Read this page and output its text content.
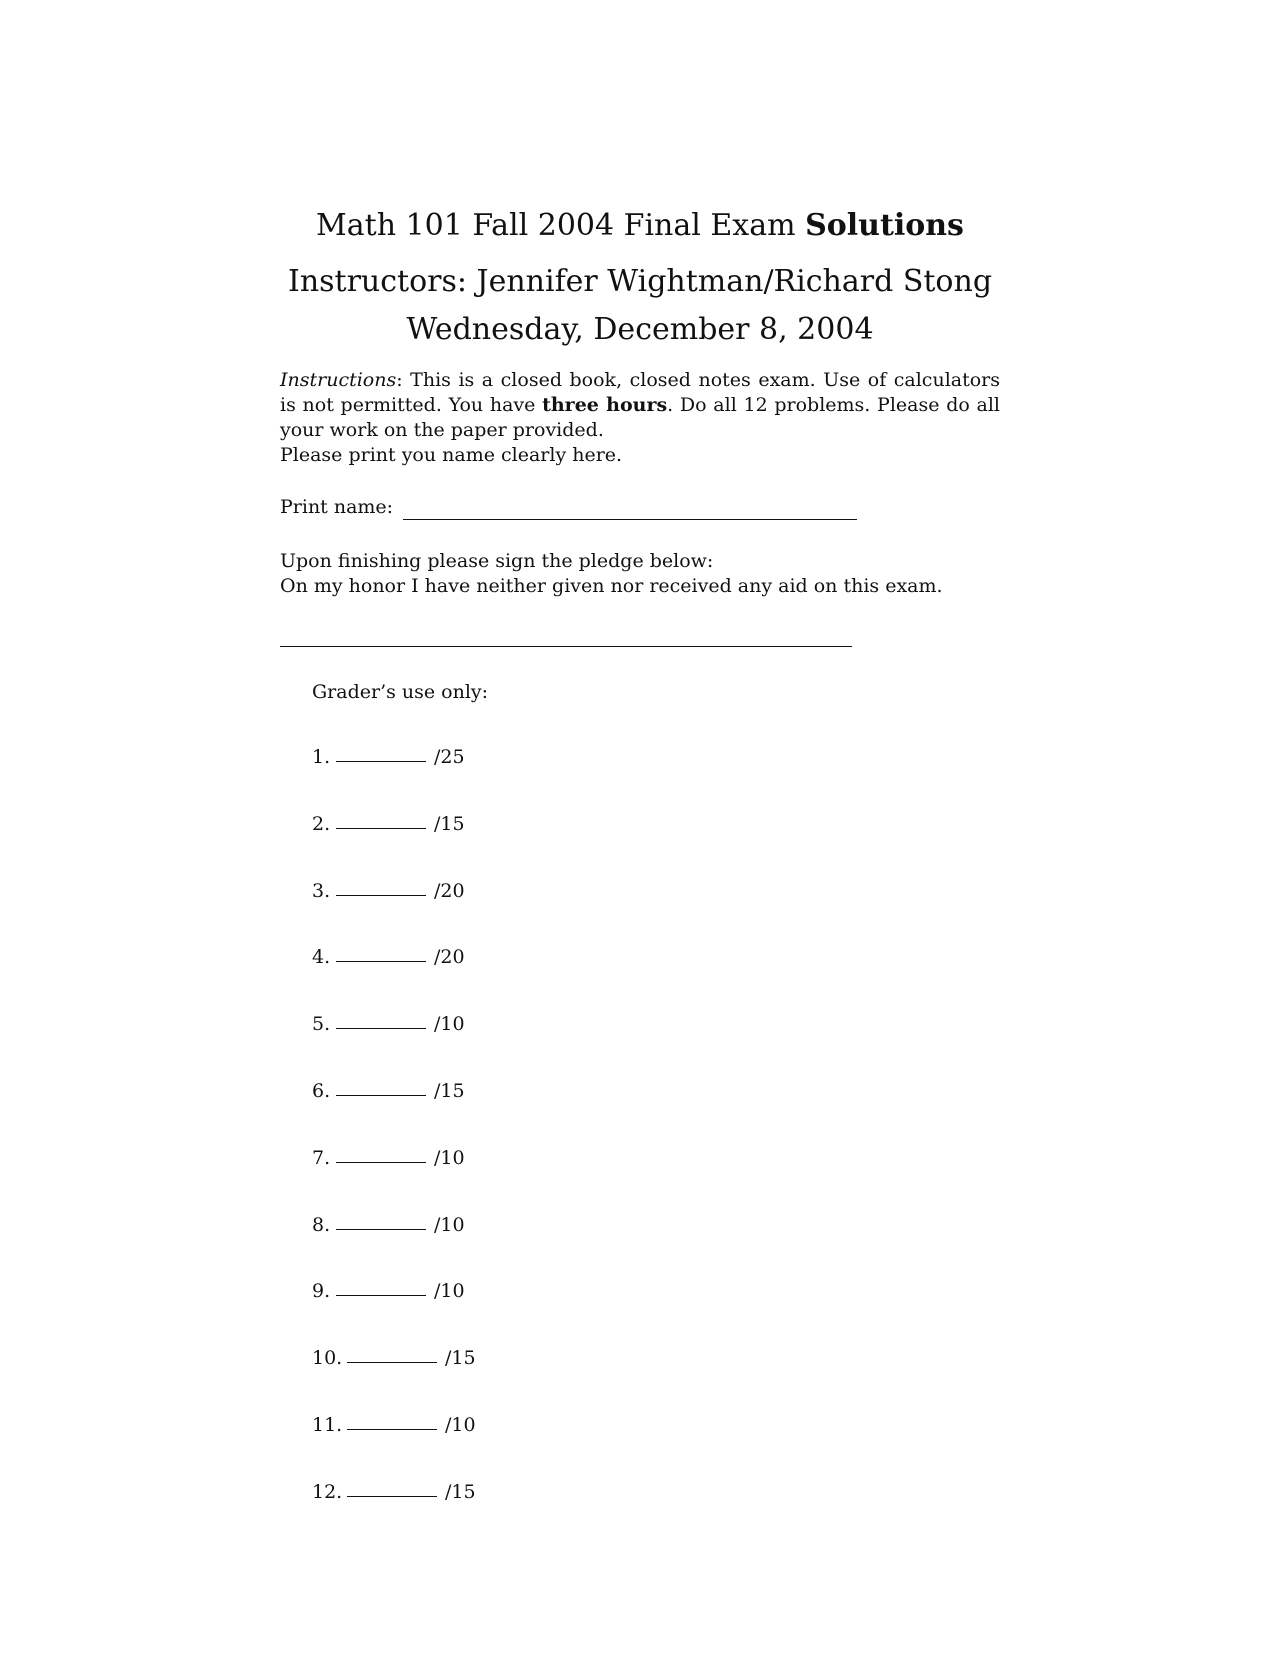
Math 101 Fall 2004 Final Exam Solutions
Instructors: Jennifer Wightman/Richard Stong
Wednesday, December 8, 2004
Instructions: This is a closed book, closed notes exam. Use of calculators is not permitted. You have three hours. Do all 12 problems. Please do all your work on the paper provided.
Please print you name clearly here.
Print name:
Upon finishing please sign the pledge below:
On my honor I have neither given nor received any aid on this exam.
Grader’s use only:
1.	/25
2.	/15
3.	/20
4.	/20
5.	/10
6.	/15
7.	/10
8.	/10
9.	/10
10.	/15
11.	/10
12.	/15
